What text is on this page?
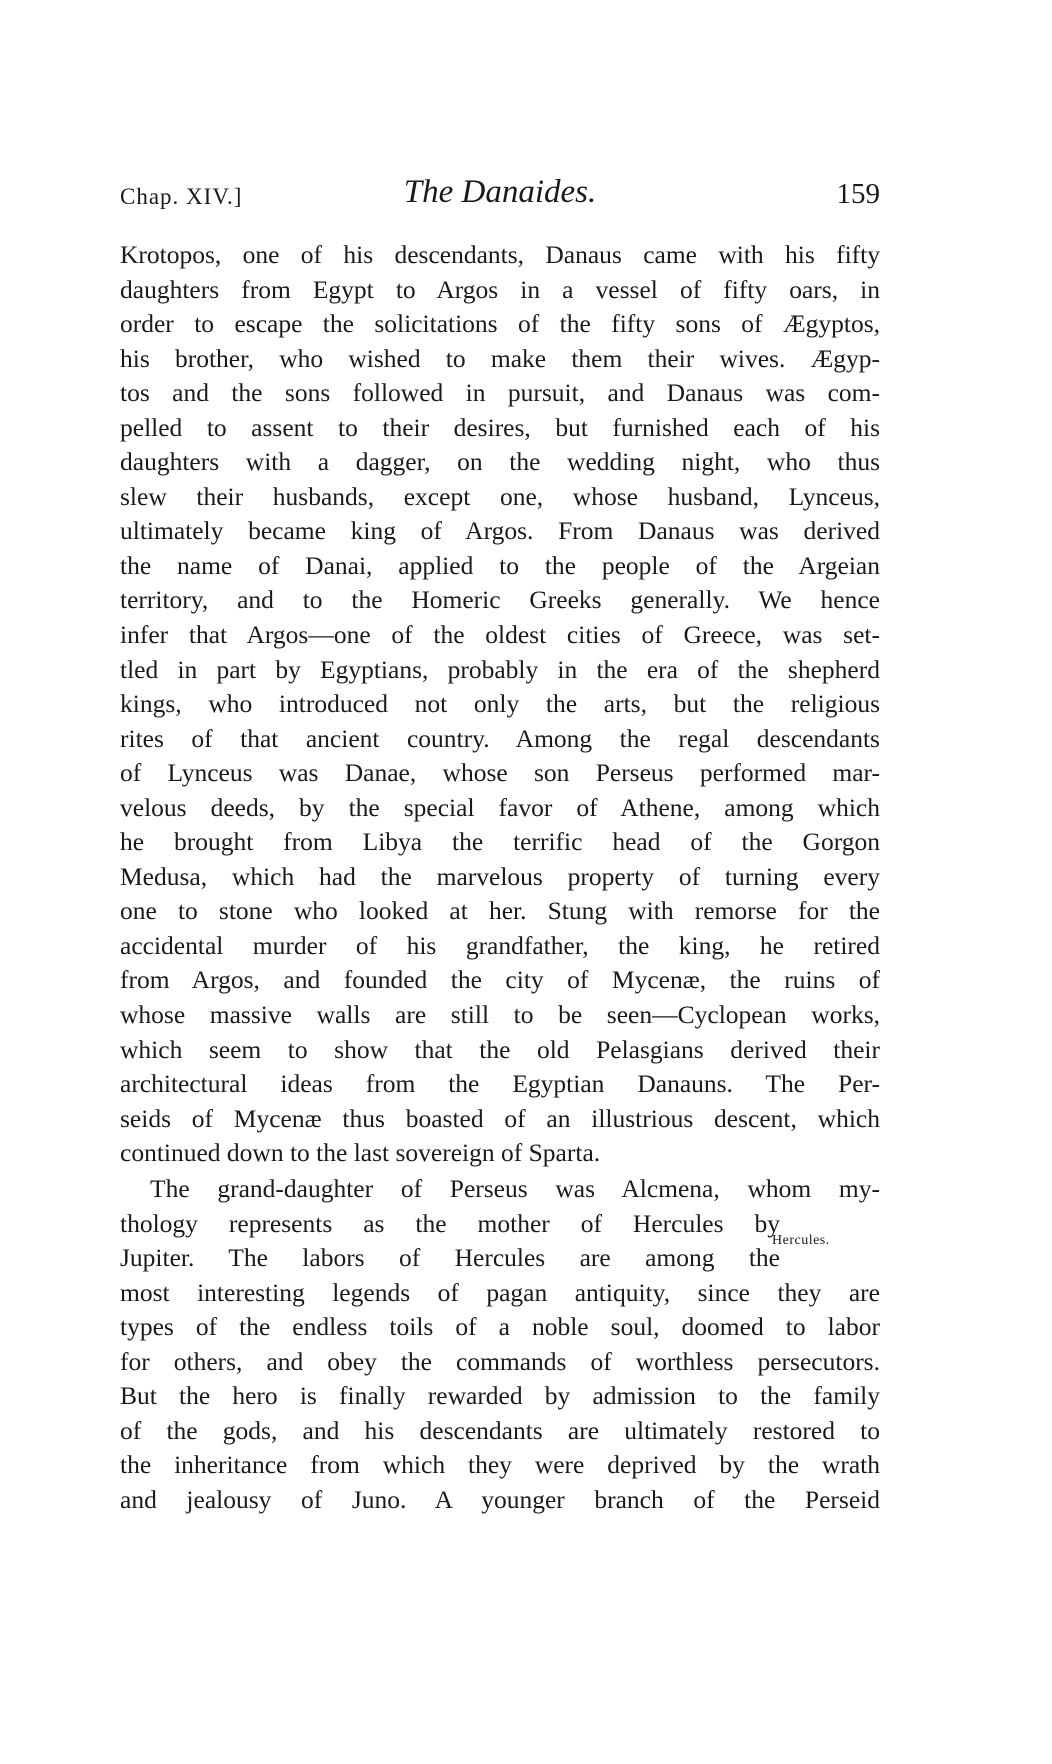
Chap. XIV.]	The Danaides.	159
Krotopos, one of his descendants, Danaus came with his fifty
daughters from Egypt to Argos in a vessel of fifty oars, in
order to escape the solicitations of the fifty sons of Ægyptos,
his brother, who wished to make them their wives. Ægyp-
tos and the sons followed in pursuit, and Danaus was com-
pelled to assent to their desires, but furnished each of his
daughters with a dagger, on the wedding night, who thus
slew their husbands, except one, whose husband, Lynceus,
ultimately became king of Argos. From Danaus was derived
the name of Danai, applied to the people of the Argeian
territory, and to the Homeric Greeks generally. We hence
infer that Argos—one of the oldest cities of Greece, was set-
tled in part by Egyptians, probably in the era of the shepherd
kings, who introduced not only the arts, but the religious
rites of that ancient country. Among the regal descendants
of Lynceus was Danae, whose son Perseus performed mar-
velous deeds, by the special favor of Athene, among which
he brought from Libya the terrific head of the Gorgon
Medusa, which had the marvelous property of turning every
one to stone who looked at her. Stung with remorse for the
accidental murder of his grandfather, the king, he retired
from Argos, and founded the city of Mycenæ, the ruins of
whose massive walls are still to be seen—Cyclopean works,
which seem to show that the old Pelasgians derived their
architectural ideas from the Egyptian Danauns. The Per-
seids of Mycenæ thus boasted of an illustrious descent, which
continued down to the last sovereign of Sparta.
The grand-daughter of Perseus was Alcmena, whom my-
thology represents as the mother of Hercules by
Jupiter. The labors of Hercules are among the
most interesting legends of pagan antiquity, since they are
types of the endless toils of a noble soul, doomed to labor
for others, and obey the commands of worthless persecutors.
But the hero is finally rewarded by admission to the family
of the gods, and his descendants are ultimately restored to
the inheritance from which they were deprived by the wrath
and jealousy of Juno. A younger branch of the Perseid
Hercules.
